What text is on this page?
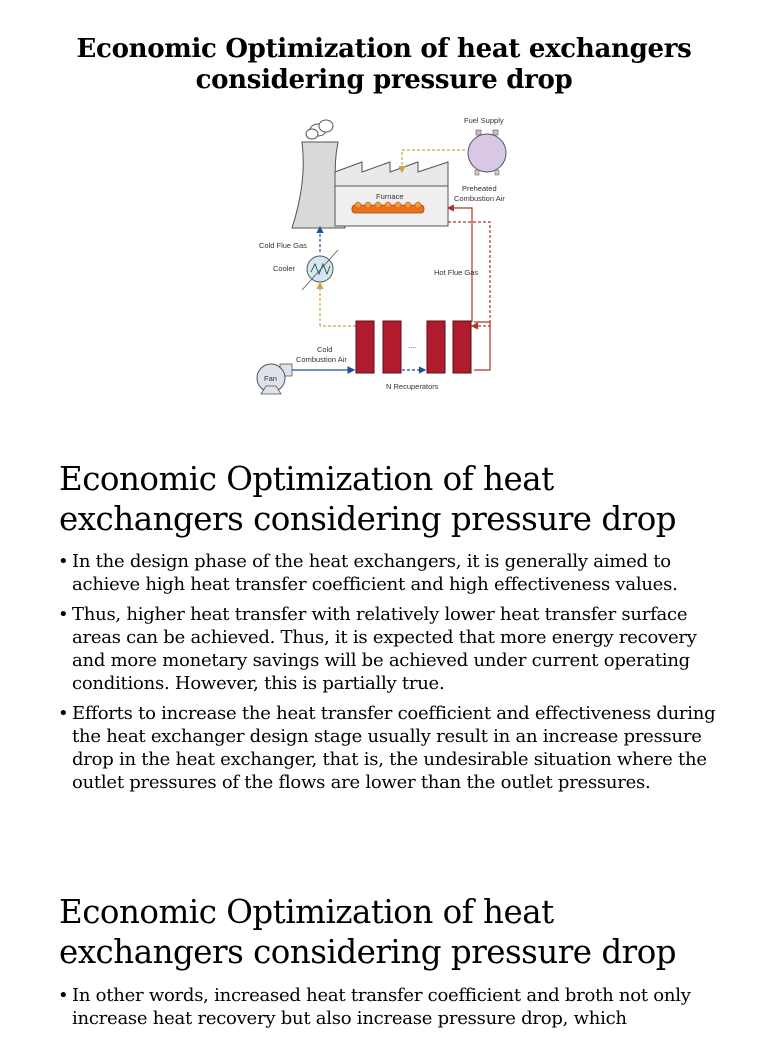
Economic Optimization of heat exchangers considering pressure drop
Furnace
Fuel Supply
Preheated
Combustion Air
Hot Flue Gas
Cold Flue Gas
Cooler
....
N Recuperators
Cold
Combustion Air
Fan
Economic Optimization of heat exchangers considering pressure drop
• In the design phase of the heat exchangers, it is generally aimed to achieve high heat transfer coefficient and high effectiveness values.
• Thus, higher heat transfer with relatively lower heat transfer surface areas can be achieved. Thus, it is expected that more energy recovery and more monetary savings will be achieved under current operating conditions. However, this is partially true.
• Efforts to increase the heat transfer coefficient and effectiveness during the heat exchanger design stage usually result in an increase pressure drop in the heat exchanger, that is, the undesirable situation where the outlet pressures of the flows are lower than the outlet pressures.
Economic Optimization of heat exchangers considering pressure drop
• In other words, increased heat transfer coefficient and broth not only increase heat recovery but also increase pressure drop, which
